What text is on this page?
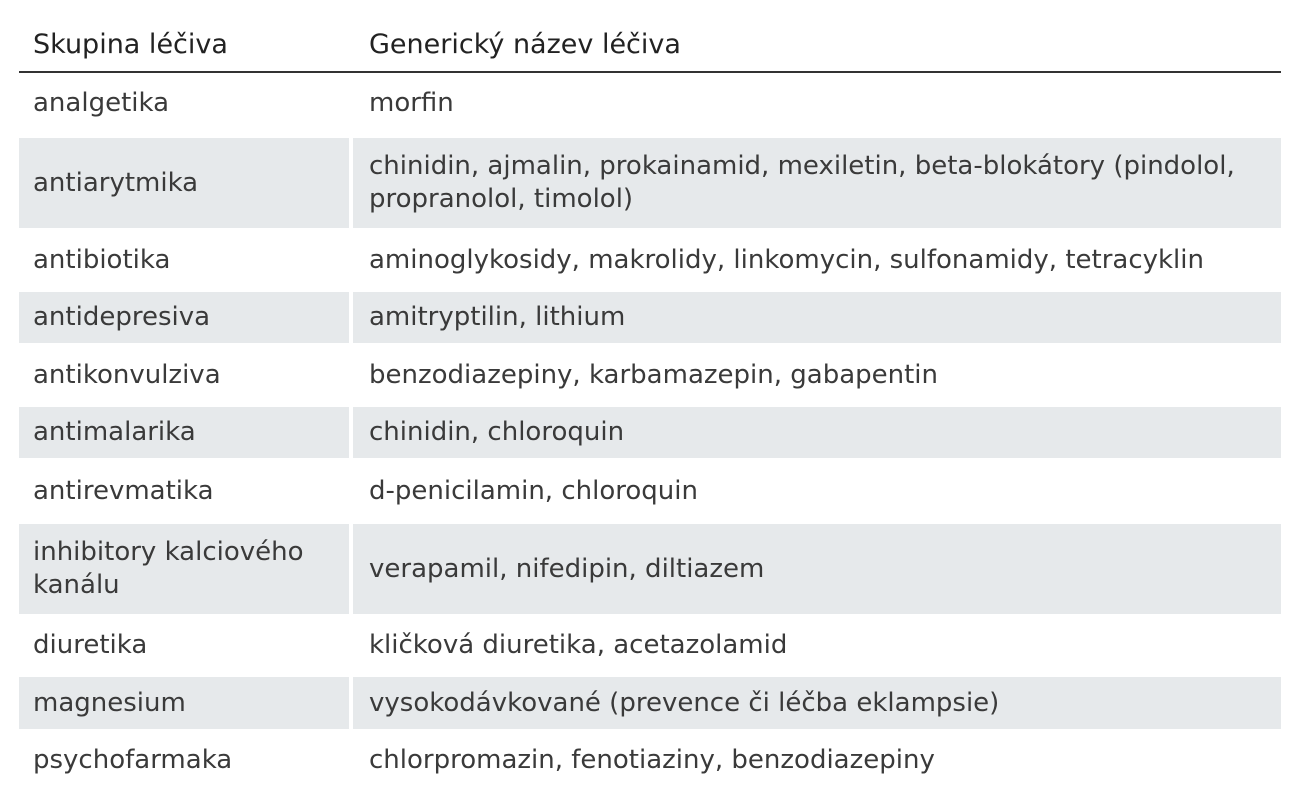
Skupina léčiva	Generický název léčiva
analgetika	morfin
antiarytmika	chinidin, ajmalin, prokainamid, mexiletin, beta-blokátory (pindolol, propranolol, timolol)
antibiotika	aminoglykosidy, makrolidy, linkomycin, sulfonamidy, tetracyklin
antidepresiva	amitryptilin, lithium
antikonvulziva	benzodiazepiny, karbamazepin, gabapentin
antimalarika	chinidin, chloroquin
antirevmatika	d-penicilamin, chloroquin
inhibitory kalciového kanálu	verapamil, nifedipin, diltiazem
diuretika	kličková diuretika, acetazolamid
magnesium	vysokodávkované (prevence či léčba eklampsie)
psychofarmaka	chlorpromazin, fenotiaziny, benzodiazepiny
